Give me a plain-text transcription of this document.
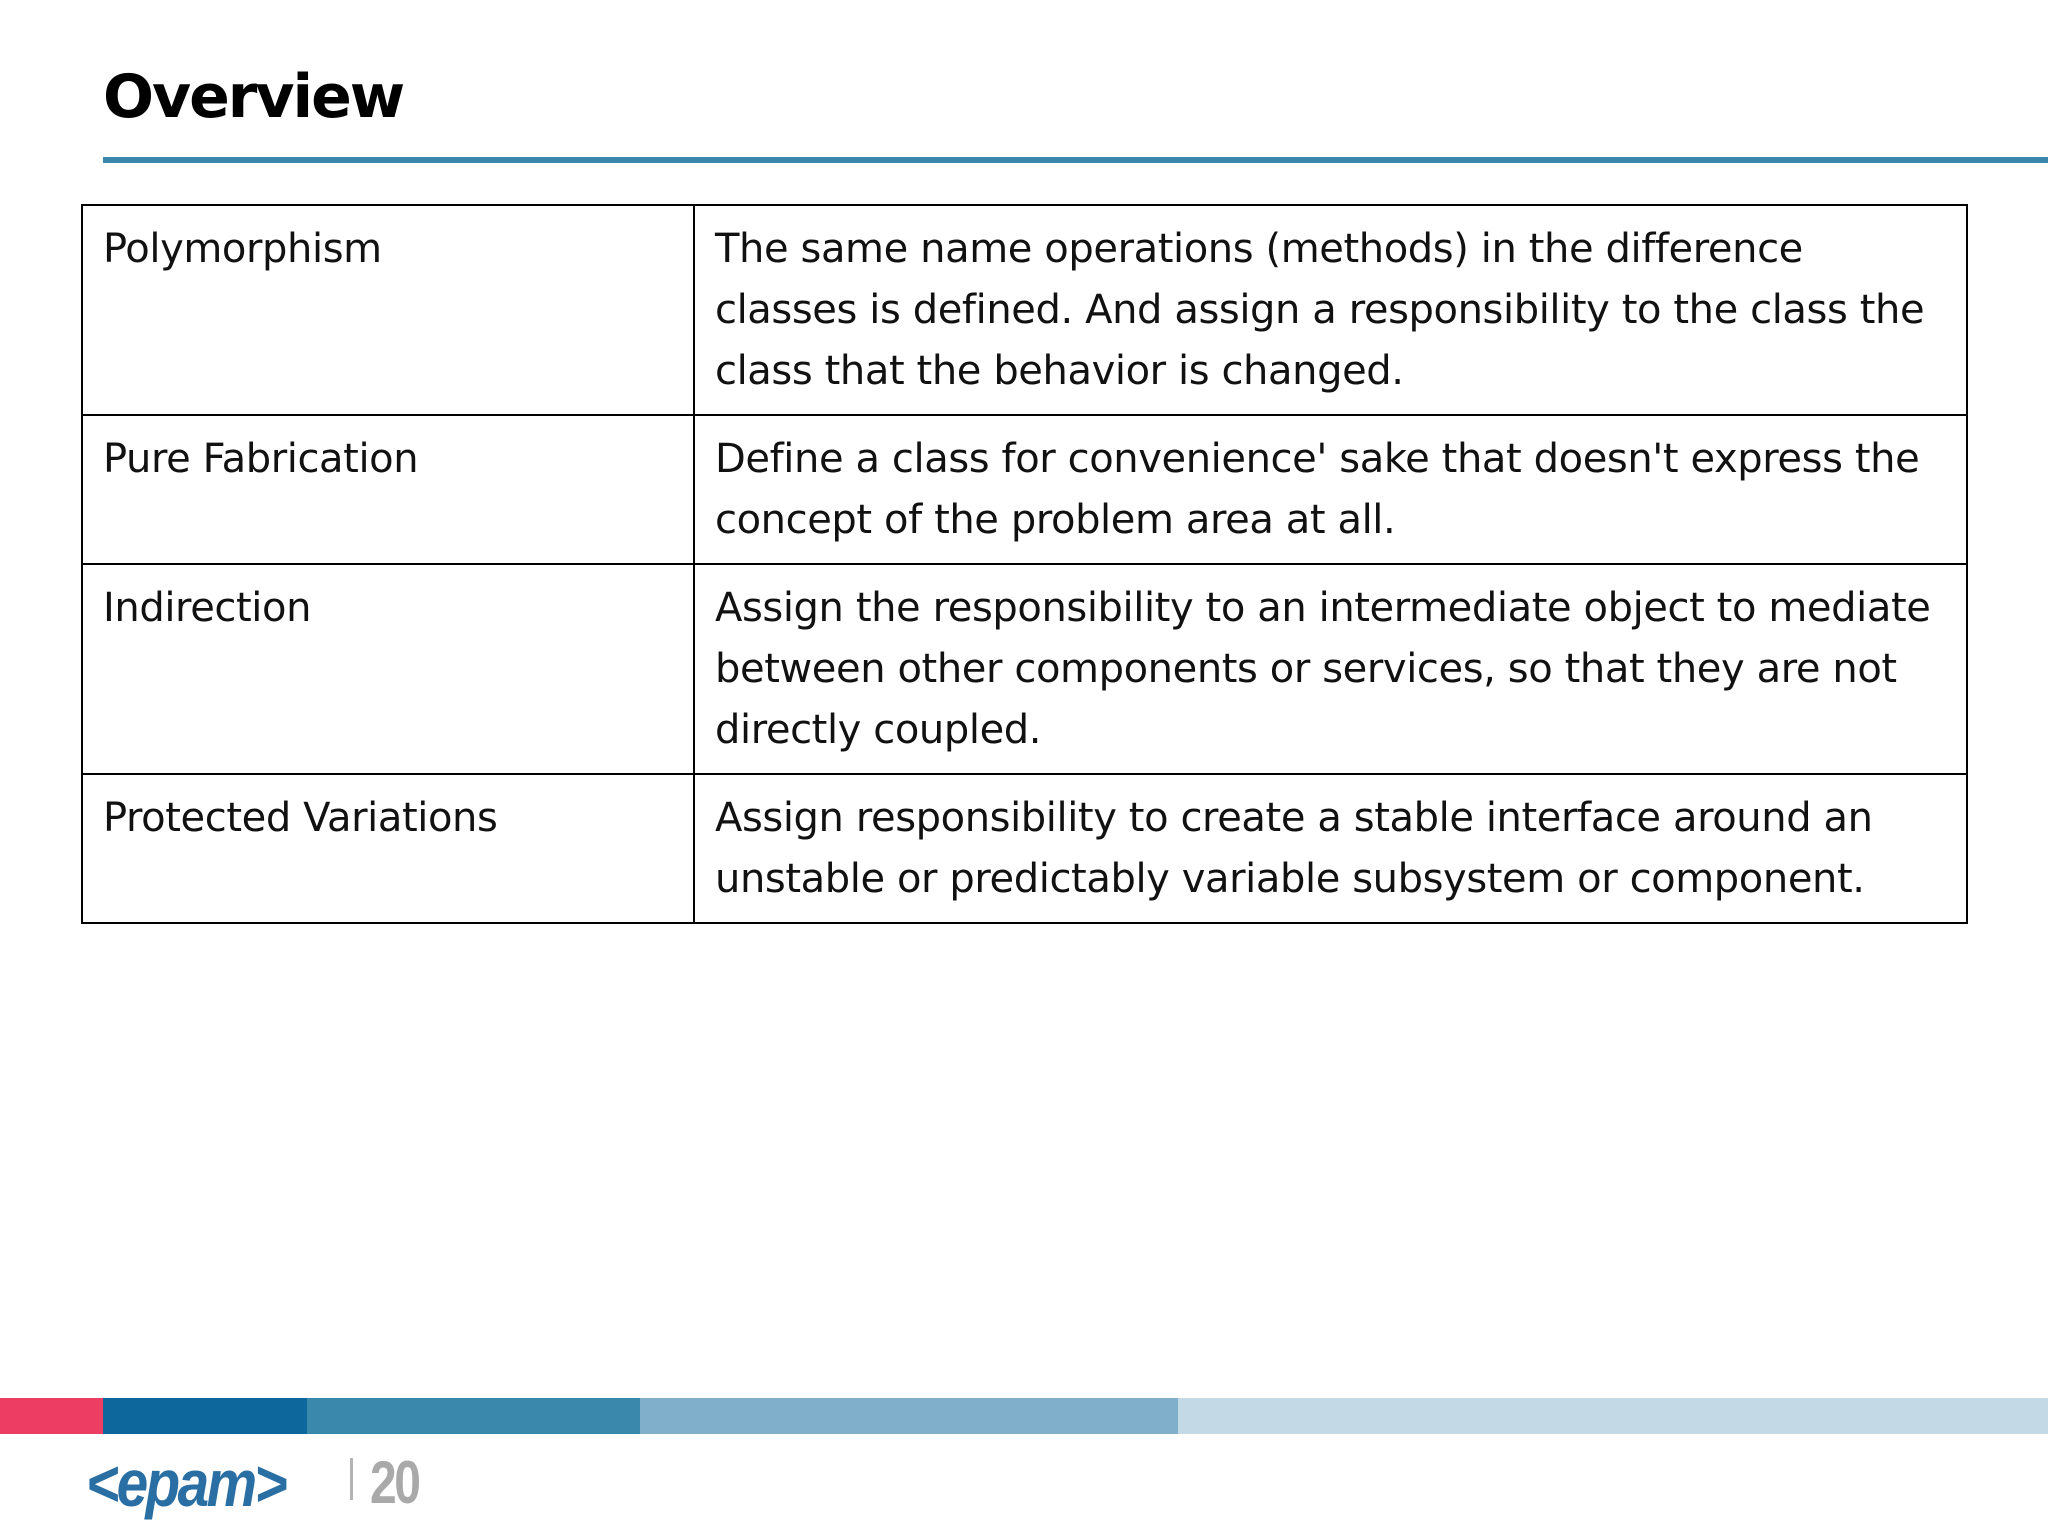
Overview
Polymorphism	The same name operations (methods) in the difference classes is defined. And assign a responsibility to the class the class that the behavior is changed.
Pure Fabrication	Define a class for convenience' sake that doesn't express the concept of the problem area at all.
Indirection	Assign the responsibility to an intermediate object to mediate between other components or services, so that they are not directly coupled.
Protected Variations	Assign responsibility to create a stable interface around an unstable or predictably variable subsystem or component.
<epam> 20
